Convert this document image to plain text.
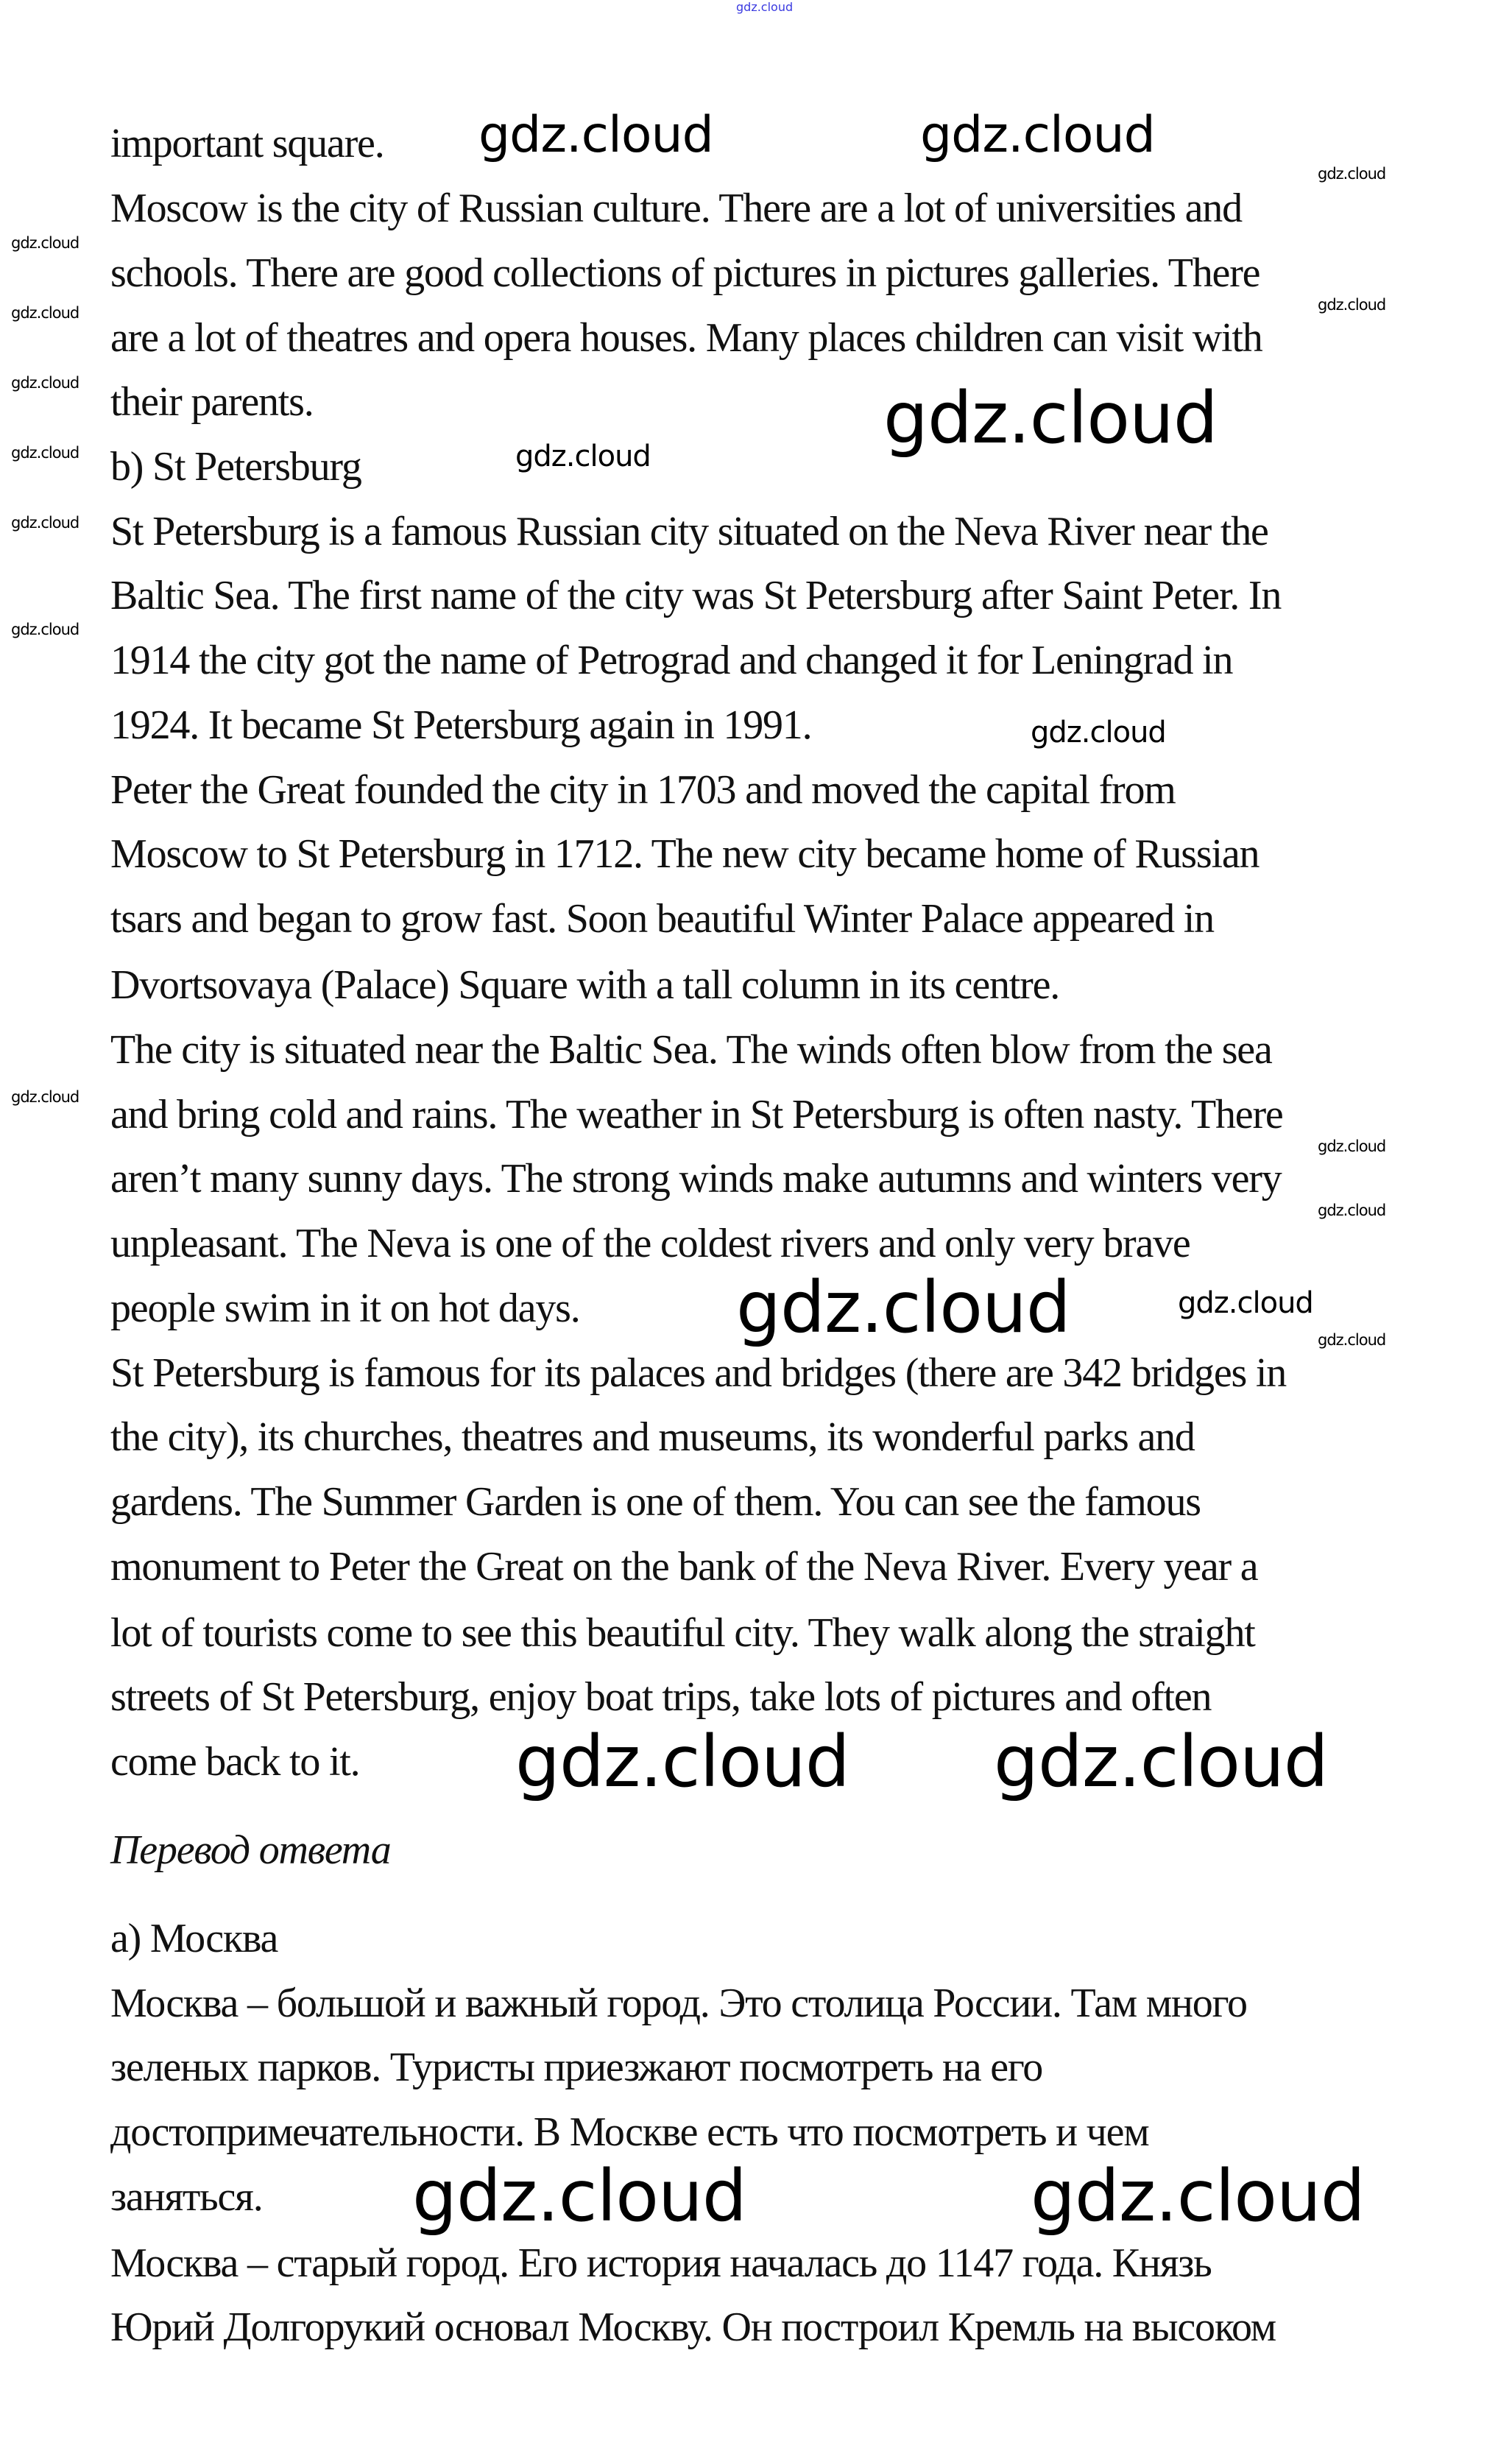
gdz.cloud
important square.
Moscow is the city of Russian culture. There are a lot of universities and
schools. There are good collections of pictures in pictures galleries. There
are a lot of theatres and opera houses. Many places children can visit with
their parents.
b) St Petersburg
St Petersburg is a famous Russian city situated on the Neva River near the
Baltic Sea. The first name of the city was St Petersburg after Saint Peter. In
1914 the city got the name of Petrograd and changed it for Leningrad in
1924. It became St Petersburg again in 1991.
Peter the Great founded the city in 1703 and moved the capital from
Moscow to St Petersburg in 1712. The new city became home of Russian
tsars and began to grow fast. Soon beautiful Winter Palace appeared in
Dvortsovaya (Palace) Square with a tall column in its centre.
The city is situated near the Baltic Sea. The winds often blow from the sea
and bring cold and rains. The weather in St Petersburg is often nasty. There
aren’t many sunny days. The strong winds make autumns and winters very
unpleasant. The Neva is one of the coldest rivers and only very brave
people swim in it on hot days.
St Petersburg is famous for its palaces and bridges (there are 342 bridges in
the city), its churches, theatres and museums, its wonderful parks and
gardens. The Summer Garden is one of them. You can see the famous
monument to Peter the Great on the bank of the Neva River. Every year a
lot of tourists come to see this beautiful city. They walk along the straight
streets of St Petersburg, enjoy boat trips, take lots of pictures and often
come back to it.
Перевод ответа
а) Москва
Москва – большой и важный город. Это столица России. Там много
зеленых парков. Туристы приезжают посмотреть на его
достопримечательности. В Москве есть что посмотреть и чем
заняться.
Москва – старый город. Его история началась до 1147 года. Князь
Юрий Долгорукий основал Москву. Он построил Кремль на высоком
gdz.cloud	gdz.cloud
gdz.cloud
gdz.cloud
gdz.cloud
gdz.cloud
gdz.cloud
gdz.cloud
gdz.cloud
gdz.cloud
gdz.cloud	gdz.cloud
gdz.cloud
gdz.cloud
gdz.cloud
gdz.cloud
gdz.cloud	gdz.cloud
gdz.cloud
gdz.cloud gdz.cloud
gdz.cloud	gdz.cloud
